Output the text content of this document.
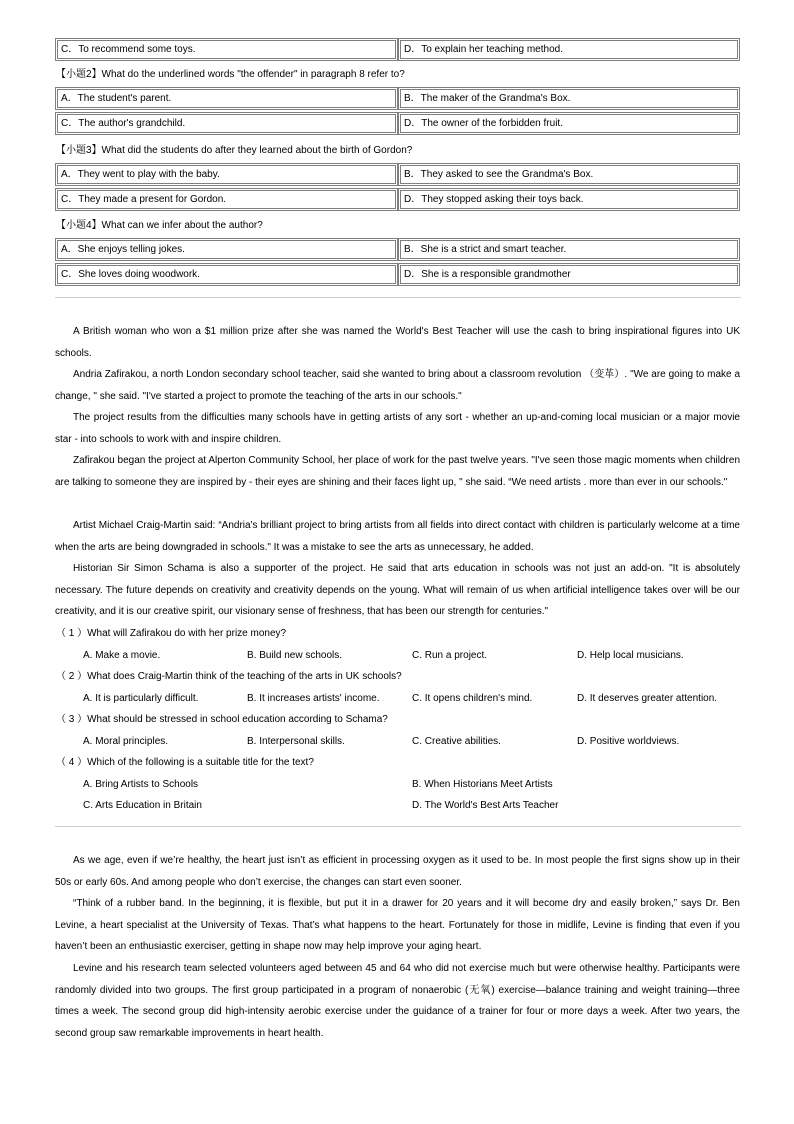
C．To recommend some toys.	D．To explain her teaching method.
【小题2】What do the underlined words "the offender" in paragraph 8 refer to?
A．The student's parent.	B．The maker of the Grandma's Box.
C．The author's grandchild.	D．The owner of the forbidden fruit.
【小题3】What did the students do after they learned about the birth of Gordon?
A．They went to play with the baby.	B．They asked to see the Grandma's Box.
C．They made a present for Gordon.	D．They stopped asking their toys back.
【小题4】What can we infer about the author?
A．She enjoys telling jokes.	B．She is a strict and smart teacher.
C．She loves doing woodwork.	D．She is a responsible grandmother
A British woman who won a $1 million prize after she was named the World's Best Teacher will use the cash to bring inspirational figures into UK schools.
Andria Zafirakou, a north London secondary school teacher, said she wanted to bring about a classroom revolution （变革）. "We are going to make a change, " she said. "I've started a project to promote the teaching of the arts in our schools."
The project results from the difficulties many schools have in getting artists of any sort - whether an up-and-coming local musician or a major movie star - into schools to work with and inspire children.
Zafirakou began the project at Alperton Community School, her place of work for the past twelve years. "I've seen those magic moments when children are talking to someone they are inspired by - their eyes are shining and their faces light up, " she said. “We need artists . more than ever in our schools."
Artist Michael Craig-Martin said: “Andria's brilliant project to bring artists from all fields into direct contact with children is particularly welcome at a time when the arts are being downgraded in schools." It was a mistake to see the arts as unnecessary, he added.
Historian Sir Simon Schama is also a supporter of the project. He said that arts education in schools was not just an add-on. "It is absolutely necessary. The future depends on creativity and creativity depends on the young. What will remain of us when artificial intelligence takes over will be our creativity, and it is our creative spirit, our visionary sense of freshness, that has been our strength for centuries."
（ 1 ）What will Zafirakou do with her prize money?
A. Make a movie.	B. Build new schools.	C. Run a project.	D. Help local musicians.
（ 2 ）What does Craig-Martin think of the teaching of the arts in UK schools?
A. It is particularly difficult.	B. It increases artists' income.	C. It opens children's mind.	D. It deserves greater attention.
（ 3 ）What should be stressed in school education according to Schama?
A. Moral principles.	B. Interpersonal skills.	C. Creative abilities.	D. Positive worldviews.
（ 4 ）Which of the following is a suitable title for the text?
A. Bring Artists to Schools	B. When Historians Meet Artists
C. Arts Education in Britain	D. The World's Best Arts Teacher
As we age, even if we’re healthy, the heart just isn’t as efficient in processing oxygen as it used to be. In most people the first signs show up in their 50s or early 60s. And among people who don’t exercise, the changes can start even sooner.
“Think of a rubber band. In the beginning, it is flexible, but put it in a drawer for 20 years and it will become dry and easily broken,” says Dr. Ben Levine, a heart specialist at the University of Texas. That’s what happens to the heart. Fortunately for those in midlife, Levine is finding that even if you haven’t been an enthusiastic exerciser, getting in shape now may help improve your aging heart.
Levine and his research team selected volunteers aged between 45 and 64 who did not exercise much but were otherwise healthy. Participants were randomly divided into two groups. The first group participated in a program of nonaerobic (无氧) exercise—balance training and weight training—three times a week. The second group did high-intensity aerobic exercise under the guidance of a trainer for four or more days a week. After two years, the second group saw remarkable improvements in heart health.
